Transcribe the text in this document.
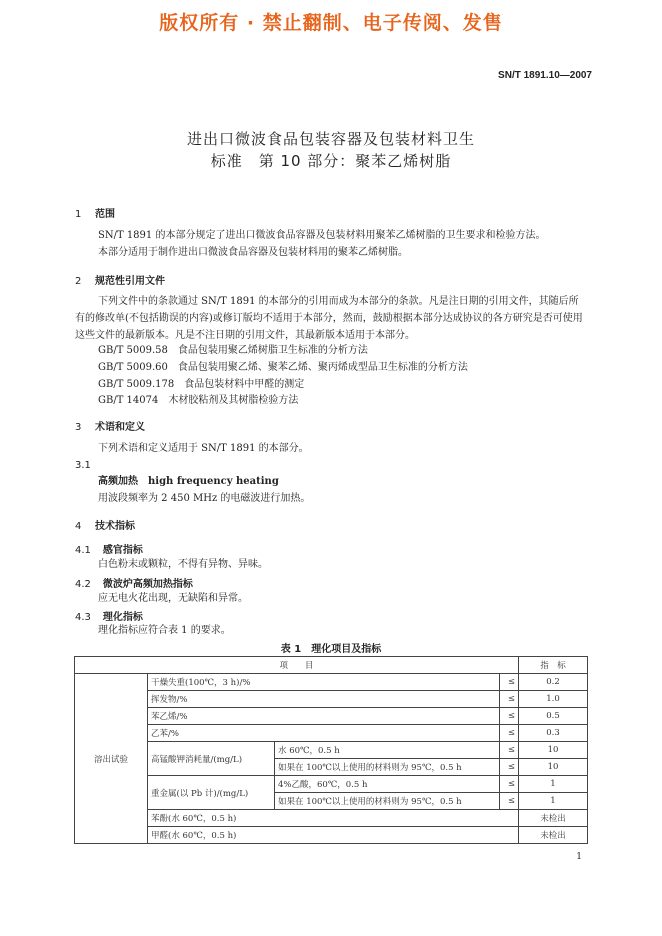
版权所有 · 禁止翻制、电子传阅、发售
SN/T 1891.10—2007
进出口微波食品包装容器及包装材料卫生
标准　第 10 部分：聚苯乙烯树脂
1 范围
SN/T 1891 的本部分规定了进出口微波食品容器及包装材料用聚苯乙烯树脂的卫生要求和检验方法。
本部分适用于制作进出口微波食品容器及包装材料用的聚苯乙烯树脂。
2 规范性引用文件
下列文件中的条款通过 SN/T 1891 的本部分的引用而成为本部分的条款。凡是注日期的引用文件，其随后所有的修改单(不包括勘误的内容)或修订版均不适用于本部分，然而，鼓励根据本部分达成协议的各方研究是否可使用这些文件的最新版本。凡是不注日期的引用文件，其最新版本适用于本部分。
GB/T 5009.58　食品包装用聚乙烯树脂卫生标准的分析方法
GB/T 5009.60　食品包装用聚乙烯、聚苯乙烯、聚丙烯成型品卫生标准的分析方法
GB/T 5009.178　食品包装材料中甲醛的测定
GB/T 14074　木材胶粘剂及其树脂检验方法
3 术语和定义
下列术语和定义适用于 SN/T 1891 的本部分。
3.1
高频加热　high frequency heating
用波段频率为 2 450 MHz 的电磁波进行加热。
4 技术指标
4.1 感官指标
白色粉末或颗粒，不得有异物、异味。
4.2 微波炉高频加热指标
应无电火花出现，无缺陷和异常。
4.3 理化指标
理化指标应符合表 1 的要求。
表 1　理化项目及指标
项　　目				指　标
溶出试验	干燥失重(100℃，3 h)/%		≤	0.2
	挥发物/%		≤	1.0
	苯乙烯/%		≤	0.5
	乙苯/%		≤	0.3
	高锰酸钾消耗量/(mg/L)	水 60℃，0.5 h	≤	10
		如果在 100℃以上使用的材料则为 95℃，0.5 h	≤	10
	重金属(以 Pb 计)/(mg/L)	4%乙酸，60℃，0.5 h	≤	1
		如果在 100℃以上使用的材料则为 95℃，0.5 h	≤	1
	苯酚(水 60℃，0.5 h)			未检出
	甲醛(水 60℃，0.5 h)			未检出
1
